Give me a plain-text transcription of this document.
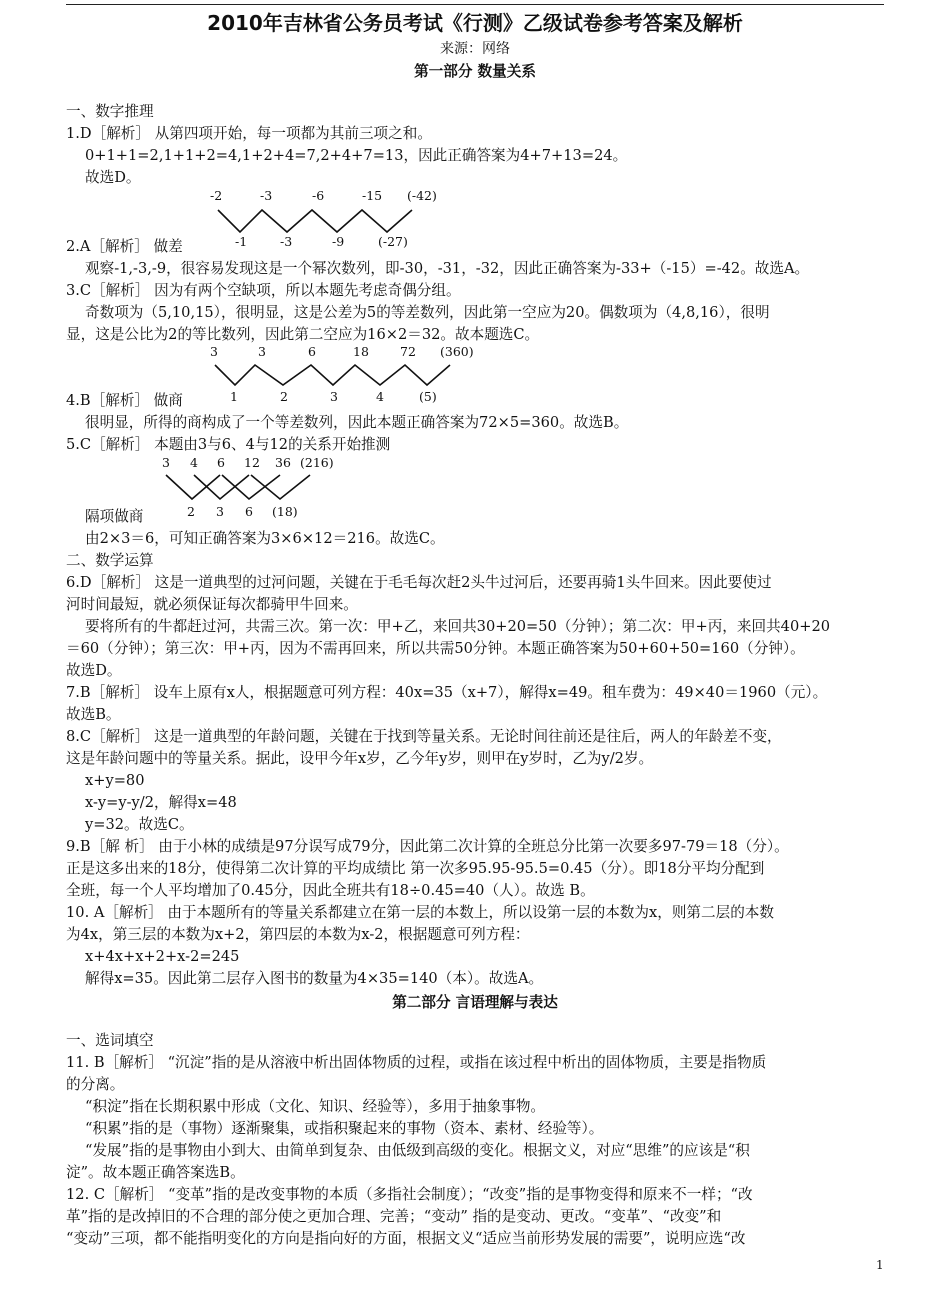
2010年吉林省公务员考试《行测》乙级试卷参考答案及解析
来源：网络
第一部分 数量关系
一、数字推理
1.D［解析］ 从第四项开始，每一项都为其前三项之和。
0+1+1=2,1+1+2=4,1+2+4=7,2+4+7=13，因此正确答案为4+7+13=24。
故选D。
-2	-3	-6	-15 (-42)
-1	-3	-9	(-27)
2.A［解析］ 做差
观察-1,-3,-9，很容易发现这是一个幂次数列，即-30，-31，-32，因此正确答案为-33+（-15）=-42。故选A。
3.C［解析］ 因为有两个空缺项，所以本题先考虑奇偶分组。
奇数项为（5,10,15），很明显，这是公差为5的等差数列，因此第一空应为20。偶数项为（4,8,16），很明
显，这是公比为2的等比数列，因此第二空应为16×2＝32。故本题选C。
3	3	6	18 72 (360)
1	2	3	4	(5)
4.B［解析］ 做商
很明显，所得的商构成了一个等差数列，因此本题正确答案为72×5=360。故选B。
5.C［解析］ 本题由3与6、4与12的关系开始推测
3 4 6 12 36 (216)
2 3 6 (18)
隔项做商
由2×3＝6，可知正确答案为3×6×12＝216。故选C。
二、数学运算
6.D［解析］ 这是一道典型的过河问题，关键在于毛毛每次赶2头牛过河后，还要再骑1头牛回来。因此要使过
河时间最短，就必须保证每次都骑甲牛回来。
要将所有的牛都赶过河，共需三次。第一次：甲+乙，来回共30+20=50（分钟）；第二次：甲+丙，来回共40+20
＝60（分钟）；第三次：甲+丙，因为不需再回来，所以共需50分钟。本题正确答案为50+60+50=160（分钟）。
故选D。
7.B［解析］ 设车上原有x人，根据题意可列方程：40x=35（x+7），解得x=49。租车费为：49×40＝1960（元）。
故选B。
8.C［解析］ 这是一道典型的年龄问题，关键在于找到等量关系。无论时间往前还是往后，两人的年龄差不变，
这是年龄问题中的等量关系。据此，设甲今年x岁，乙今年y岁，则甲在y岁时，乙为y/2岁。
x+y=80
x-y=y-y/2，解得x=48
y=32。故选C。
9.B［解 析］ 由于小林的成绩是97分误写成79分，因此第二次计算的全班总分比第一次要多97-79＝18（分）。
正是这多出来的18分，使得第二次计算的平均成绩比 第一次多95.95-95.5=0.45（分）。即18分平均分配到
全班，每一个人平均增加了0.45分，因此全班共有18÷0.45=40（人）。故选 B。
10. A［解析］ 由于本题所有的等量关系都建立在第一层的本数上，所以设第一层的本数为x，则第二层的本数
为4x，第三层的本数为x+2，第四层的本数为x-2，根据题意可列方程：
x+4x+x+2+x-2=245
解得x=35。因此第二层存入图书的数量为4×35=140（本）。故选A。
第二部分 言语理解与表达
一、选词填空
11. B［解析］ “沉淀”指的是从溶液中析出固体物质的过程，或指在该过程中析出的固体物质，主要是指物质
的分离。
“积淀”指在长期积累中形成（文化、知识、经验等），多用于抽象事物。
“积累”指的是（事物）逐渐聚集，或指积聚起来的事物（资本、素材、经验等）。
“发展”指的是事物由小到大、由简单到复杂、由低级到高级的变化。根据文义，对应“思维”的应该是“积
淀”。故本题正确答案选B。
12. C［解析］ “变革”指的是改变事物的本质（多指社会制度）；“改变”指的是事物变得和原来不一样；“改
革”指的是改掉旧的不合理的部分使之更加合理、完善；“变动” 指的是变动、更改。“变革”、“改变”和
“变动”三项，都不能指明变化的方向是指向好的方面，根据文义“适应当前形势发展的需要”，说明应选“改
1
